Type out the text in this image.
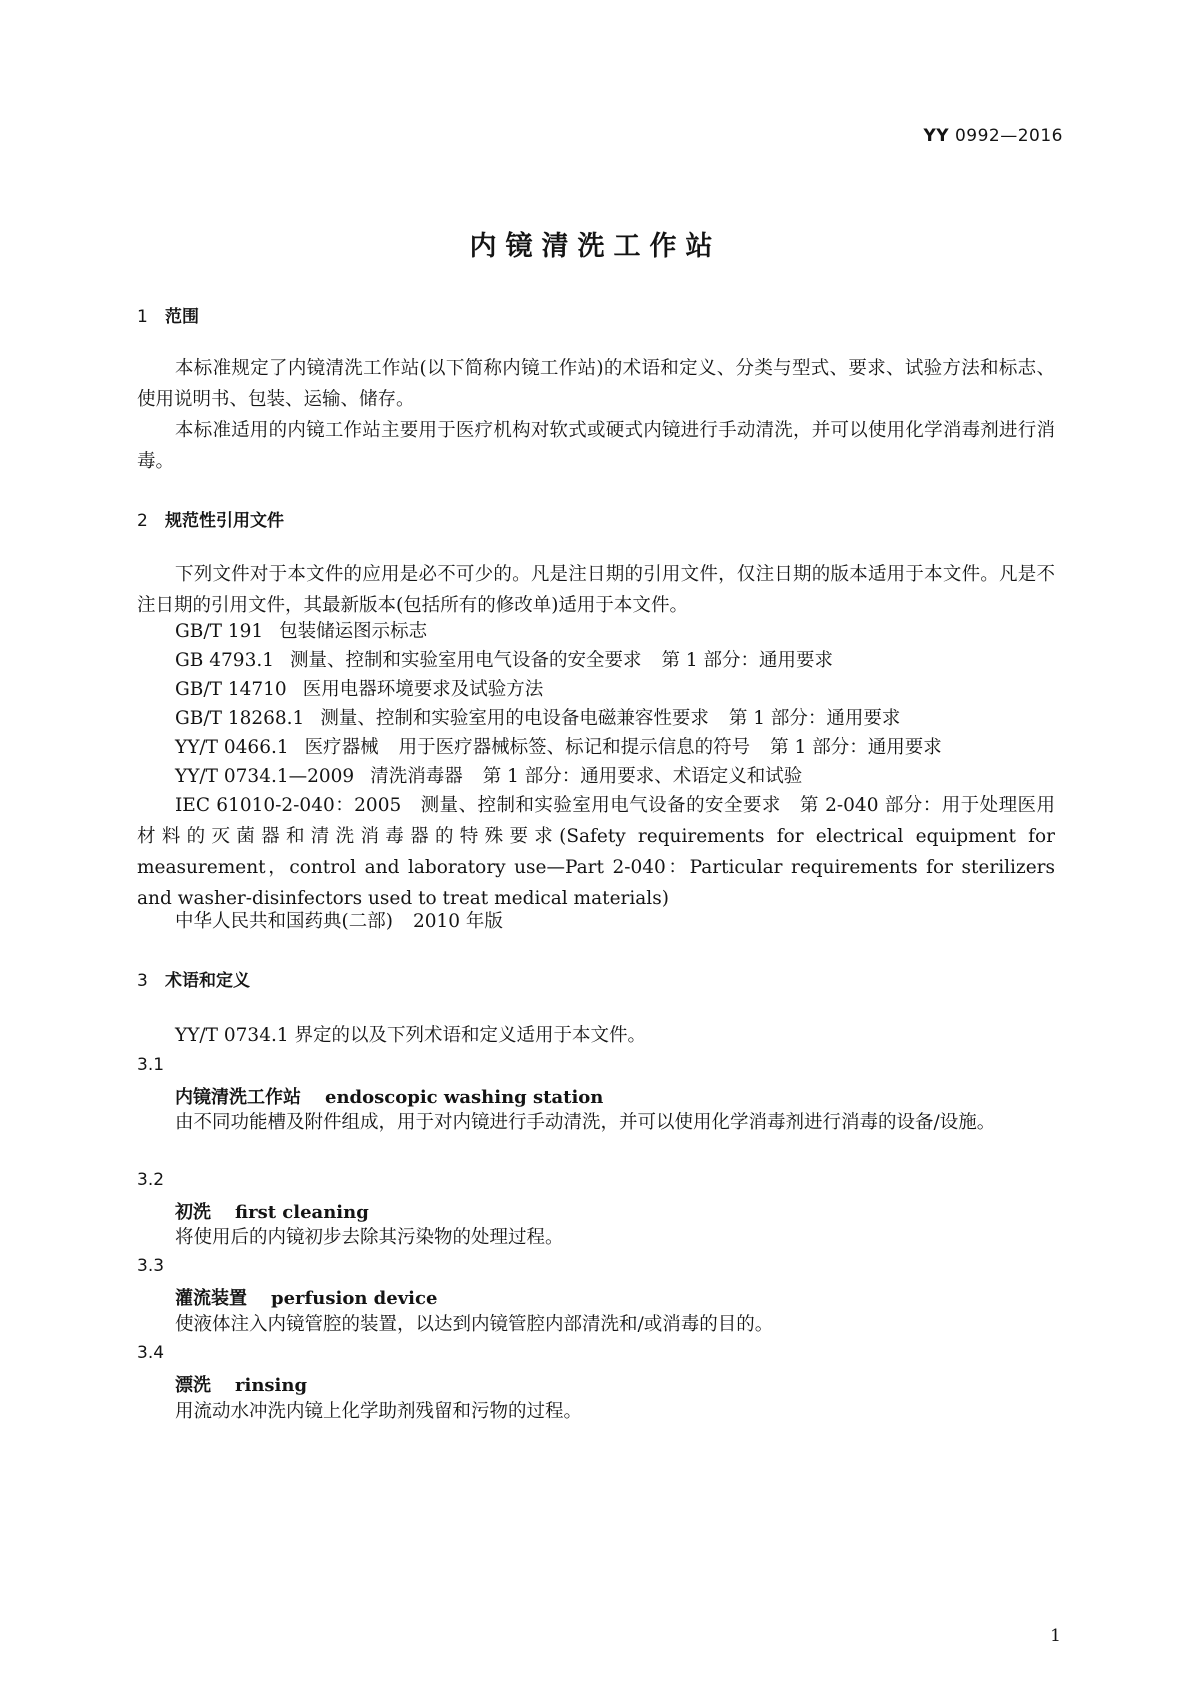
YY 0992—2016
内镜清洗工作站
1 范围
本标准规定了内镜清洗工作站(以下简称内镜工作站)的术语和定义、分类与型式、要求、试验方法和标志、使用说明书、包装、运输、储存。
本标准适用的内镜工作站主要用于医疗机构对软式或硬式内镜进行手动清洗，并可以使用化学消毒剂进行消毒。
2 规范性引用文件
下列文件对于本文件的应用是必不可少的。凡是注日期的引用文件，仅注日期的版本适用于本文件。凡是不注日期的引用文件，其最新版本(包括所有的修改单)适用于本文件。
GB/T 191 包装储运图示标志
GB 4793.1 测量、控制和实验室用电气设备的安全要求 第 1 部分：通用要求
GB/T 14710 医用电器环境要求及试验方法
GB/T 18268.1 测量、控制和实验室用的电设备电磁兼容性要求 第 1 部分：通用要求
YY/T 0466.1 医疗器械 用于医疗器械标签、标记和提示信息的符号 第 1 部分：通用要求
YY/T 0734.1—2009 清洗消毒器 第 1 部分：通用要求、术语定义和试验
IEC 61010-2-040：2005　测量、控制和实验室用电气设备的安全要求　第 2-040 部分：用于处理医用材料的灭菌器和清洗消毒器的特殊要求(Safety requirements for electrical equipment for measurement，control and laboratory use—Part 2-040：Particular requirements for sterilizers and washer-disinfectors used to treat medical materials)
中华人民共和国药典(二部) 2010 年版
3 术语和定义
YY/T 0734.1 界定的以及下列术语和定义适用于本文件。
3.1
内镜清洗工作站 endoscopic washing station
由不同功能槽及附件组成，用于对内镜进行手动清洗，并可以使用化学消毒剂进行消毒的设备/设施。
3.2
初洗 first cleaning
将使用后的内镜初步去除其污染物的处理过程。
3.3
灌流装置 perfusion device
使液体注入内镜管腔的装置，以达到内镜管腔内部清洗和/或消毒的目的。
3.4
漂洗 rinsing
用流动水冲洗内镜上化学助剂残留和污物的过程。
1
